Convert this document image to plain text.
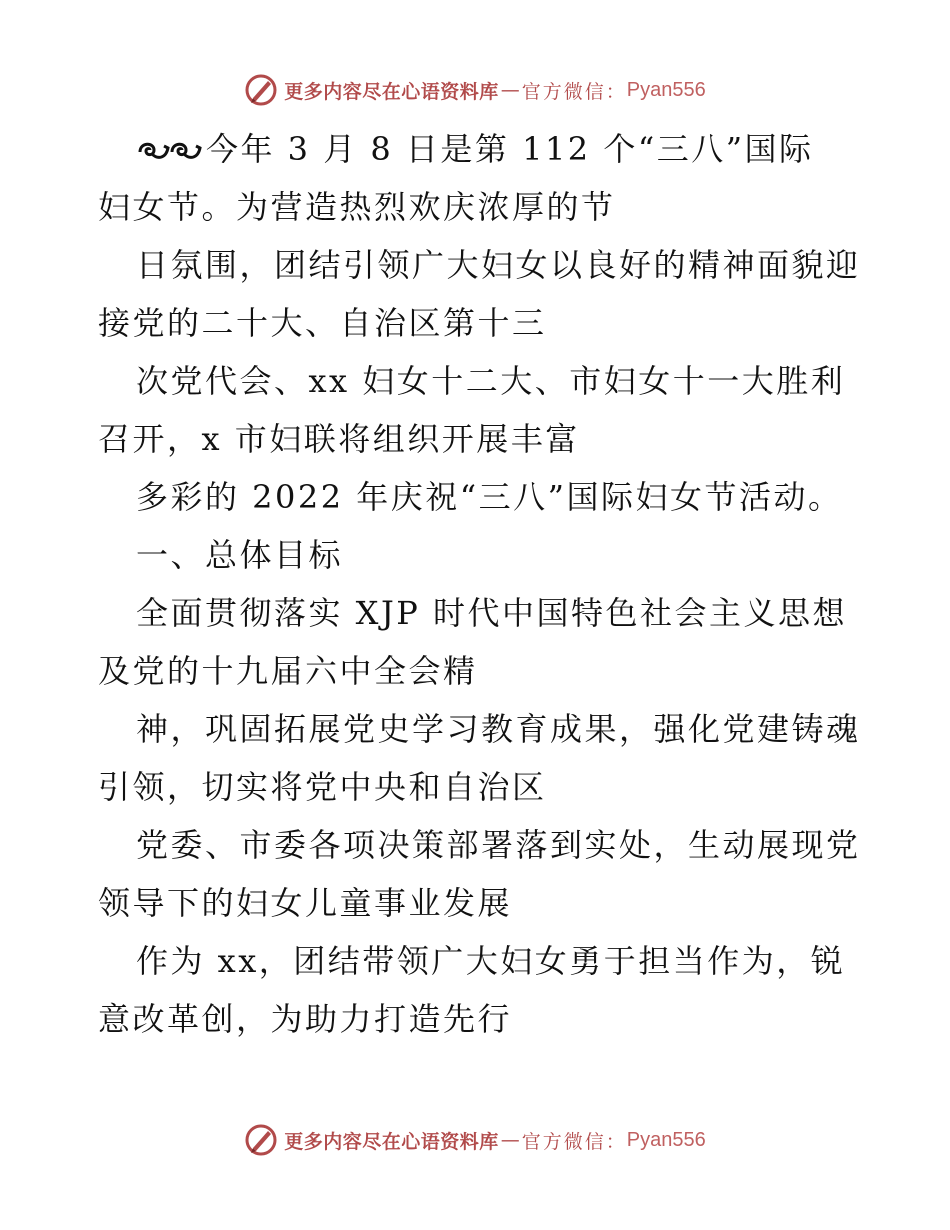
更多内容尽在心语资料库 — 官方微信： Pyan556
今年 3 月 8 日是第 112 个“三八”国际
妇女节。为营造热烈欢庆浓厚的节
日氛围，团结引领广大妇女以良好的精神面貌迎
接党的二十大、自治区第十三
次党代会、xx 妇女十二大、市妇女十一大胜利
召开，x 市妇联将组织开展丰富
多彩的 2022 年庆祝“三八”国际妇女节活动。
一、总体目标
全面贯彻落实 XJP 时代中国特色社会主义思想
及党的十九届六中全会精
神，巩固拓展党史学习教育成果，强化党建铸魂
引领，切实将党中央和自治区
党委、市委各项决策部署落到实处，生动展现党
领导下的妇女儿童事业发展
作为 xx，团结带领广大妇女勇于担当作为，锐
意改革创，为助力打造先行
更多内容尽在心语资料库 — 官方微信： Pyan556
